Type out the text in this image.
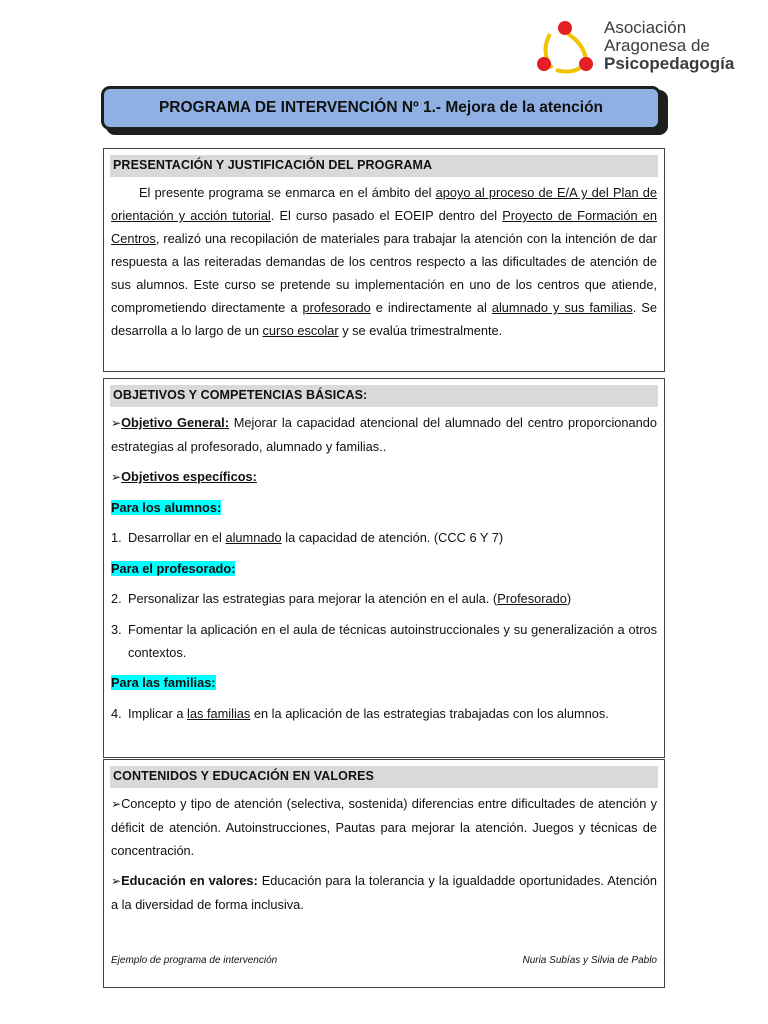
Asociación
Aragonesa de
Psicopedagogía
PROGRAMA DE INTERVENCIÓN Nº 1.- Mejora de la atención
PRESENTACIÓN Y JUSTIFICACIÓN DEL PROGRAMA
El presente programa se enmarca en el ámbito del apoyo al proceso de E/A y del Plan de orientación y acción tutorial. El curso pasado el EOEIP dentro del Proyecto de Formación en Centros, realizó una recopilación de materiales para trabajar la atención con la intención de dar respuesta a las reiteradas demandas de los centros respecto a las dificultades de atención de sus alumnos. Este curso se pretende su implementación en uno de los centros que atiende, comprometiendo directamente a profesorado e indirectamente al alumnado y sus familias. Se desarrolla a lo largo de un curso escolar y se evalúa trimestralmente.
OBJETIVOS Y COMPETENCIAS BÁSICAS:
➢Objetivo General: Mejorar la capacidad atencional del alumnado del centro proporcionando estrategias al profesorado, alumnado y familias..
➢Objetivos específicos:
Para los alumnos:
1. Desarrollar en el alumnado la capacidad de atención. (CCC 6 Y 7)
Para el profesorado:
2. Personalizar las estrategias para mejorar la atención en el aula. (Profesorado)
3. Fomentar la aplicación en el aula de técnicas autoinstruccionales y su generalización a otros contextos.
Para las familias:
4. Implicar a las familias en la aplicación de las estrategias trabajadas con los alumnos.
CONTENIDOS Y EDUCACIÓN EN VALORES
➢Concepto y tipo de atención (selectiva, sostenida) diferencias entre dificultades de atención y déficit de atención. Autoinstrucciones, Pautas para mejorar la atención. Juegos y técnicas de concentración.
➢Educación en valores: Educación para la tolerancia y la igualdadde oportunidades. Atención a la diversidad de forma inclusiva.
Ejemplo de programa de intervención	Nuria Subías y Silvia de Pablo
